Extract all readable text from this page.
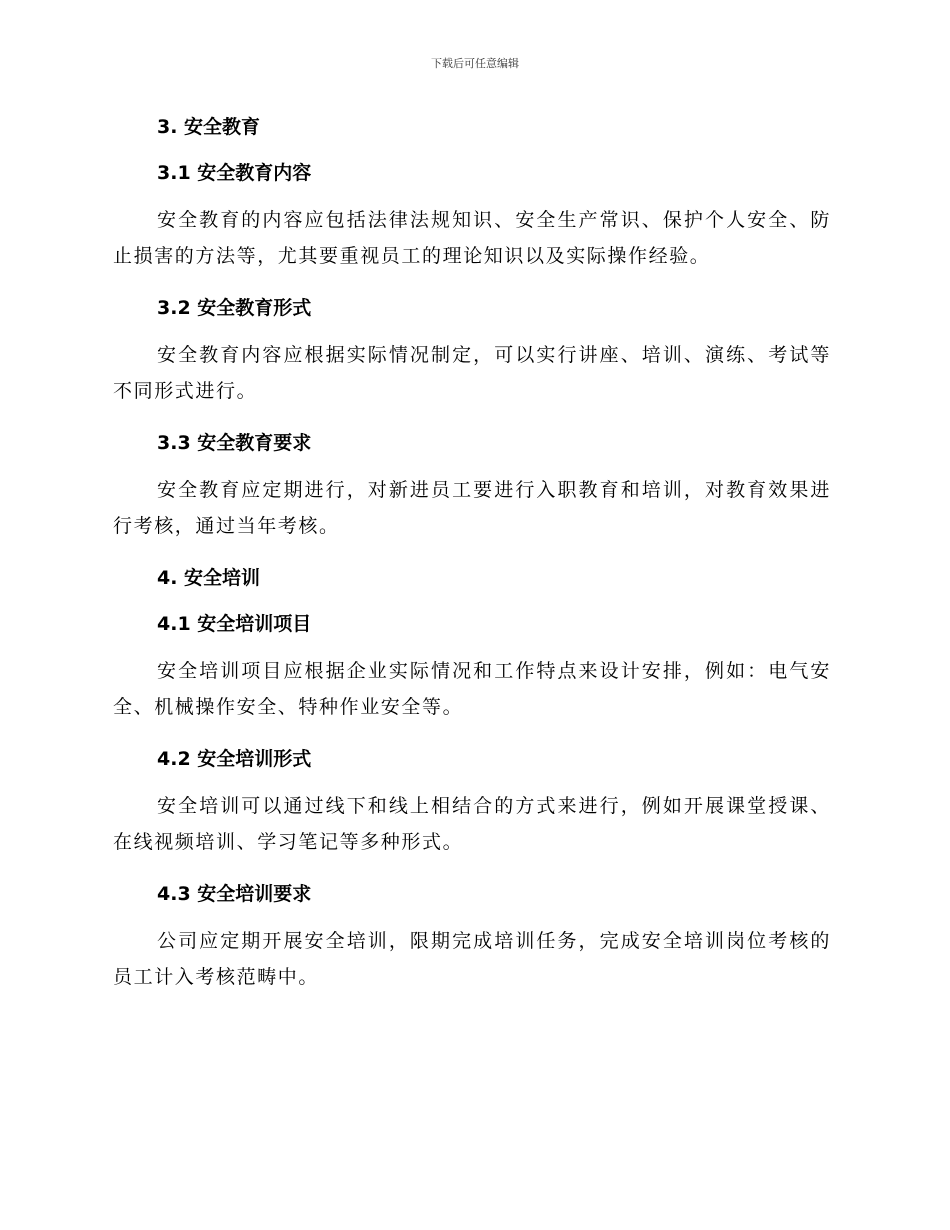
下载后可任意编辑
3. 安全教育
3.1 安全教育内容

安全教育的内容应包括法律法规知识、安全生产常识、保护个人安全、防止损害的方法等，尤其要重视员工的理论知识以及实际操作经验。

3.2 安全教育形式

安全教育内容应根据实际情况制定，可以实行讲座、培训、演练、考试等不同形式进行。

3.3 安全教育要求

安全教育应定期进行，对新进员工要进行入职教育和培训，对教育效果进行考核，通过当年考核。

4. 安全培训
4.1 安全培训项目

安全培训项目应根据企业实际情况和工作特点来设计安排，例如：电气安全、机械操作安全、特种作业安全等。

4.2 安全培训形式

安全培训可以通过线下和线上相结合的方式来进行，例如开展课堂授课、在线视频培训、学习笔记等多种形式。

4.3 安全培训要求

公司应定期开展安全培训，限期完成培训任务，完成安全培训岗位考核的员工计入考核范畴中。
